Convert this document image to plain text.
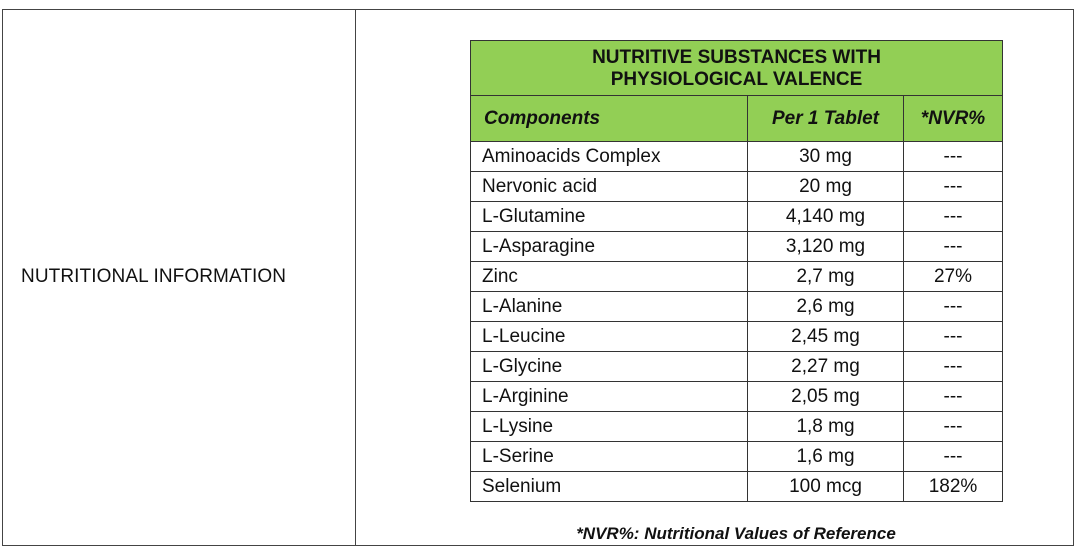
NUTRITIONAL INFORMATION
NUTRITIVE SUBSTANCES WITH
PHYSIOLOGICAL VALENCE		

Components	Per 1 Tablet	*NVR%
Aminoacids Complex	30 mg	---
Nervonic acid	20 mg	---
L-Glutamine	4,140 mg	---
L-Asparagine	3,120 mg	---
Zinc	2,7 mg	27%
L-Alanine	2,6 mg	---
L-Leucine	2,45 mg	---
L-Glycine	2,27 mg	---
L-Arginine	2,05 mg	---
L-Lysine	1,8 mg	---
L-Serine	1,6 mg	---
Selenium	100 mcg	182%
*NVR%: Nutritional Values of Reference
